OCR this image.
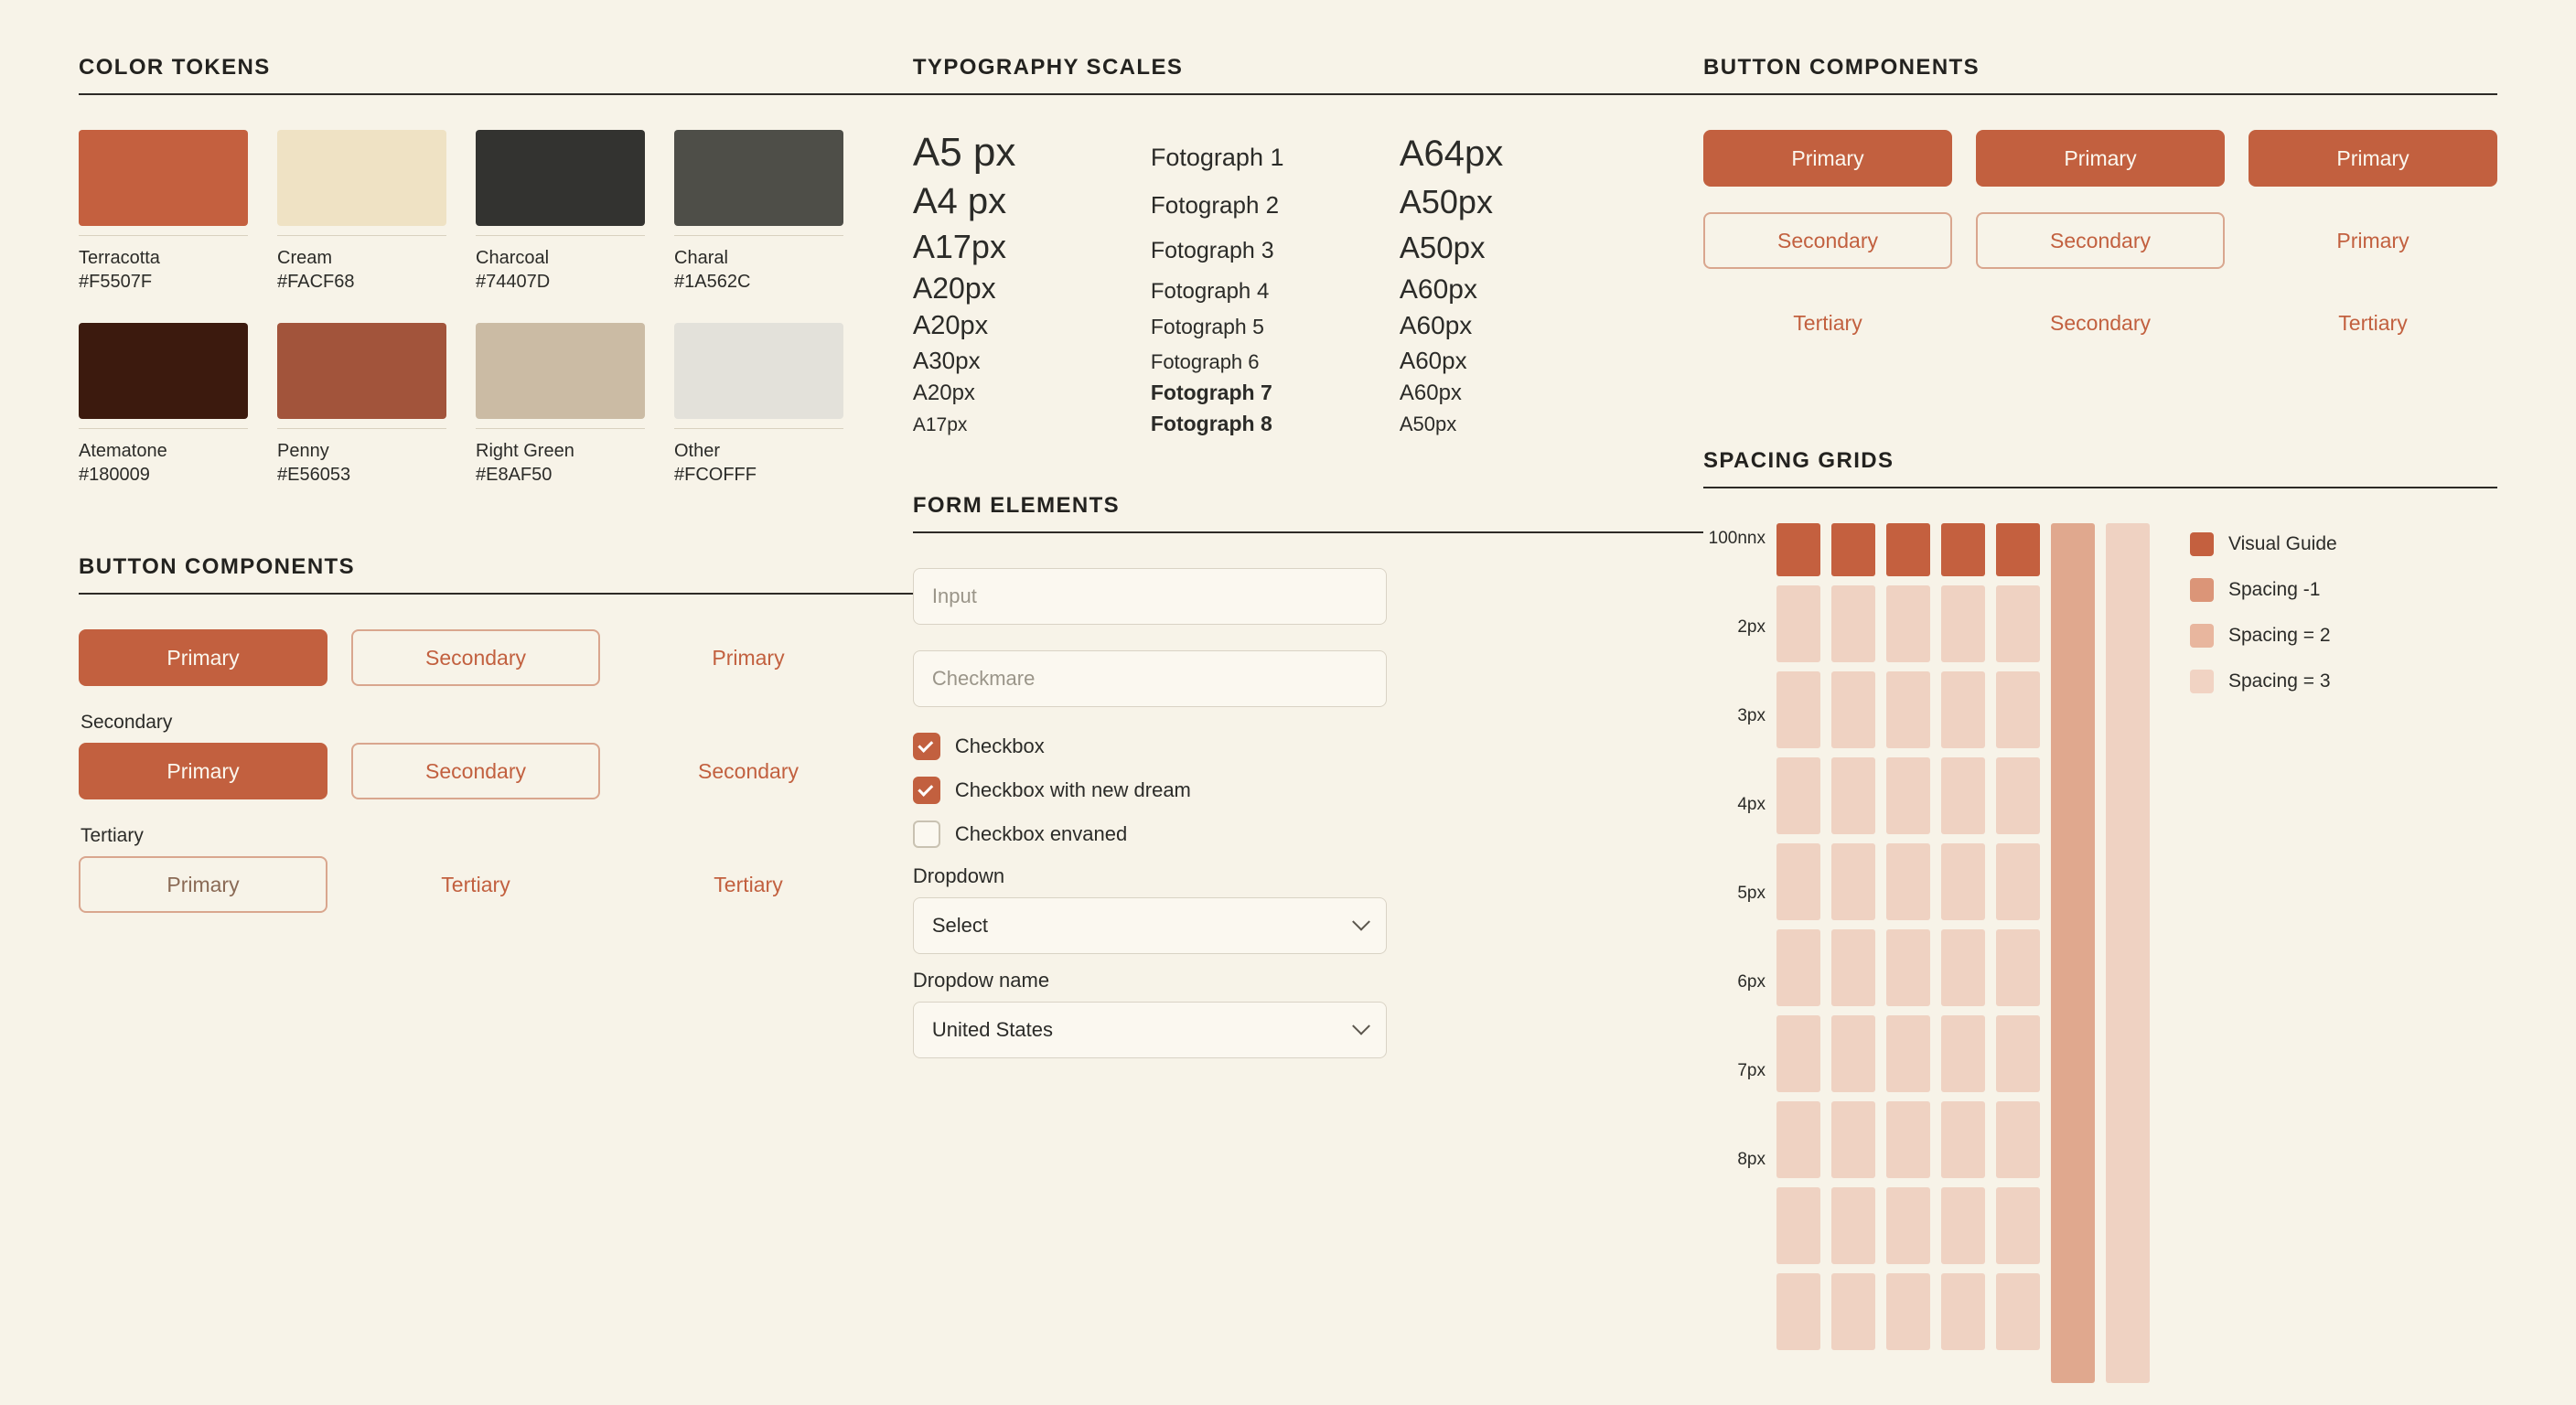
COLOR TOKENS
Terracotta
#F5507F
Cream
#FACF68
Charcoal
#74407D
Charal
#1A562C
Atematone
#180009
Penny
#E56053
Right Green
#E8AF50
Other
#FCOFFF
BUTTON COMPONENTS
Primary	Secondary	Primary
Secondary
Primary	Secondary	Secondary
Tertiary
Primary	Tertiary	Tertiary
TYPOGRAPHY SCALES
A5 px	Fotograph 1	A64px
A4 px	Fotograph 2	A50px
A17px	Fotograph 3	A50px
A20px	Fotograph 4	A60px
A20px	Fotograph 5	A60px
A30px	Fotograph 6	A60px
A20px	Fotograph 7	A60px
A17px	Fotograph 8	A50px
FORM ELEMENTS
Input
Checkmare
Checkbox
Checkbox with new dream
Checkbox envaned
Dropdown
Select
Dropdow name
United States
BUTTON COMPONENTS
Primary	Primary	Primary
Secondary	Secondary	Primary
Tertiary	Secondary	Tertiary
SPACING GRIDS
100nnx
2px
3px
4px
5px
6px
7px
8px
Visual Guide
Spacing -1
Spacing = 2
Spacing = 3
